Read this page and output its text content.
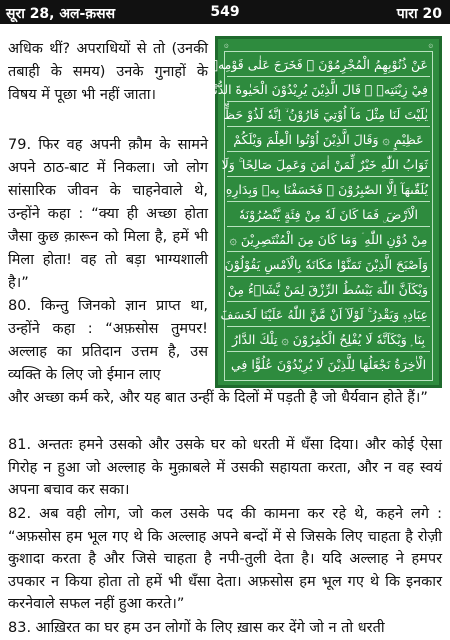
सूरा 28, अल-क़सस	549	पारा 20

अधिक थीं? अपराधियों से तो (उनकी तबाही के समय) उनके गुनाहों के विषय में पूछा भी नहीं जाता।

79. फिर वह अपनी क़ौम के सामने अपने ठाठ-बाट में निकला। जो लोग सांसारिक जीवन के चाहनेवाले थे, उन्होंने कहा : “क्या ही अच्छा होता जैसा कुछ क़ारून को मिला है, हमें भी मिला होता! वह तो बड़ा भाग्यशाली है।”

80. किन्तु जिनको ज्ञान प्राप्त था, उन्होंने कहा : “अफ़सोस तुमपर! अल्लाह का प्रतिदान उत्तम है, उस व्यक्ति के लिए जो ईमान लाए

۞	۞
عَنْ ذُنُوْبِهِمُ الْمُجْرِمُوْنَ ۞ فَخَرَجَ عَلٰى قَوْمِهٖ
فِيْ زِيْنَتِهٖ ۭ قَالَ الَّذِيْنَ يُرِيْدُوْنَ الْحَيٰوةَ الدُّنْيَا
يٰلَيْتَ لَنَا مِثْلَ مَآ اُوْتِيَ قَارُوْنُ ۙ اِنَّهٗ لَذُوْ حَظٍّ
عَظِيْمٍ ۞ وَقَالَ الَّذِيْنَ اُوْتُوا الْعِلْمَ وَيْلَكُمْ
ثَوَابُ اللّٰهِ خَيْرٌ لِّمَنْ اٰمَنَ وَعَمِلَ صَالِحًا ۚ وَلَا
يُلَقّٰىهَآ اِلَّا الصّٰبِرُوْنَ ۞ فَخَسَفْنَا بِهٖ وَبِدَارِهِ
الْاَرْضَ ۣ فَمَا كَانَ لَهٗ مِنْ فِئَةٍ يَّنْصُرُوْنَهٗ
مِنْ دُوْنِ اللّٰهِ ۤ وَمَا كَانَ مِنَ الْمُنْتَصِرِيْنَ ۞
وَاَصْبَحَ الَّذِيْنَ تَمَنَّوْا مَكَانَهٗ بِالْاَمْسِ يَقُوْلُوْنَ
وَيْكَاَنَّ اللّٰهَ يَبْسُطُ الرِّزْقَ لِمَنْ يَّشَاۗءُ مِنْ
عِبَادِهٖ وَيَقْدِرُ ۚ لَوْلَآ اَنْ مَّنَّ اللّٰهُ عَلَيْنَا لَخَسَفَ
بِنَا ۭ وَيْكَاَنَّهٗ لَا يُفْلِحُ الْكٰفِرُوْنَ ۞ تِلْكَ الدَّارُ
الْاٰخِرَةُ نَجْعَلُهَا لِلَّذِيْنَ لَا يُرِيْدُوْنَ عُلُوًّا فِي

और अच्छा कर्म करे, और यह बात उन्हीं के दिलों में पड़ती है जो धैर्यवान होते हैं।”

81. अन्ततः हमने उसको और उसके घर को धरती में धँसा दिया। और कोई ऐसा गिरोह न हुआ जो अल्लाह के मुक़ाबले में उसकी सहायता करता, और न वह स्वयं अपना बचाव कर सका।

82. अब वही लोग, जो कल उसके पद की कामना कर रहे थे, कहने लगे : “अफ़सोस हम भूल गए थे कि अल्लाह अपने बन्दों में से जिसके लिए चाहता है रोज़ी कुशादा करता है और जिसे चाहता है नपी-तुली देता है। यदि अल्लाह ने हमपर उपकार न किया होता तो हमें भी धँसा देता। अफ़सोस हम भूल गए थे कि इनकार करनेवाले सफल नहीं हुआ करते।”

83. आख़िरत का घर हम उन लोगों के लिए ख़ास कर देंगे जो न तो धरती
